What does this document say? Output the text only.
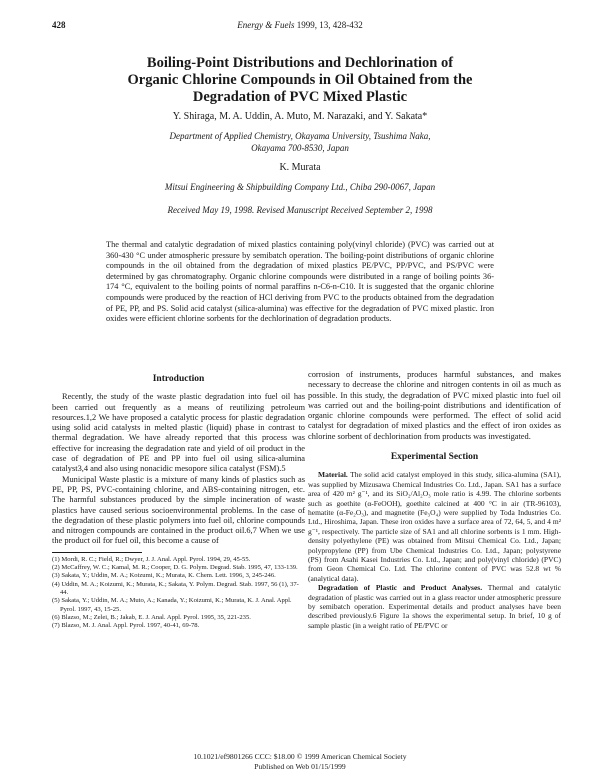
428	Energy & Fuels 1999, 13, 428-432
Boiling-Point Distributions and Dechlorination of
Organic Chlorine Compounds in Oil Obtained from the
Degradation of PVC Mixed Plastic
Y. Shiraga, M. A. Uddin, A. Muto, M. Narazaki, and Y. Sakata*
Department of Applied Chemistry, Okayama University, Tsushima Naka,
Okayama 700-8530, Japan
K. Murata
Mitsui Engineering & Shipbuilding Company Ltd., Chiba 290-0067, Japan
Received May 19, 1998. Revised Manuscript Received September 2, 1998
The thermal and catalytic degradation of mixed plastics containing poly(vinyl chloride) (PVC) was carried out at 360-430 °C under atmospheric pressure by semibatch operation. The boiling-point distributions of organic chlorine compounds in the oil obtained from the degradation of mixed plastics PE/PVC, PP/PVC, and PS/PVC were determined by gas chromatography. Organic chlorine compounds were distributed in a range of boiling points 36-174 °C, equivalent to the boiling points of normal paraffins n-C6-n-C10. It is suggested that the organic chlorine compounds were produced by the reaction of HCl deriving from PVC to the products obtained from the degradation of PE, PP, and PS. Solid acid catalyst (silica-alumina) was effective for the degradation of PVC mixed plastic. Iron oxides were efficient chlorine sorbents for the dechlorination of degradation products.
Introduction

Recently, the study of the waste plastic degradation into fuel oil has been carried out frequently as a means of reutilizing petroleum resources.1,2 We have proposed a catalytic process for plastic degradation using solid acid catalysts in melted plastic (liquid) phase in contrast to thermal degradation. We have already reported that this process was effective for increasing the degradation rate and yield of oil product in the case of degradation of PE and PP into fuel oil using silica-alumina catalyst3,4 and also using nonacidic mesopore silica catalyst (FSM).5

Municipal Waste plastic is a mixture of many kinds of plastics such as PE, PP, PS, PVC-containing chlorine, and ABS-containing nitrogen, etc. The harmful substances produced by the simple incineration of waste plastics have caused serious socioenvironmental problems. In the case of the degradation of these plastic polymers into fuel oil, chlorine compounds and nitrogen compounds are contained in the product oil.6,7 When we use the product oil for fuel oil, this become a cause of

(1) Mordi, R. C.; Field, R.; Dwyer, J. J. Anal. Appl. Pyrol. 1994, 29, 45-55.
(2) McCaffrey, W. C.; Kamal, M. R.; Cooper, D. G. Polym. Degrad. Stab. 1995, 47, 133-139.
(3) Sakata, Y.; Uddin, M. A.; Koizumi, K.; Murata, K. Chem. Lett. 1996, 3, 245-246.
(4) Uddin, M. A.; Koizumi, K.; Murata, K.; Sakata, Y. Polym. Degrad. Stab. 1997, 56 (1), 37-44.
(5) Sakata, Y.; Uddin, M. A.; Muto, A.; Kanada, Y.; Koizumi, K.; Murata, K. J. Anal. Appl. Pyrol. 1997, 43, 15-25.
(6) Blazso, M.; Zelei, B.; Jakab, E. J. Anal. Appl. Pyrol. 1995, 35, 221-235.
(7) Blazso, M. J. Anal. Appl. Pyrol. 1997, 40-41, 69-78.

corrosion of instruments, produces harmful substances, and makes necessary to decrease the chlorine and nitrogen contents in oil as much as possible. In this study, the degradation of PVC mixed plastic into fuel oil was carried out and the boiling-point distributions and identification of organic chlorine compounds were performed. The effect of solid acid catalyst for degradation of mixed plastics and the effect of iron oxides as chlorine sorbent of dechlorination from products was investigated.

Experimental Section

Material. The solid acid catalyst employed in this study, silica-alumina (SA1), was supplied by Mizusawa Chemical Industries Co. Ltd., Japan. SA1 has a surface area of 420 m² g⁻¹, and its SiO₂/Al₂O₃ mole ratio is 4.99. The chlorine sorbents such as goethite (α-FeOOH), goethite calcined at 400 °C in air (TR-96103), hematite (α-Fe₂O₃), and magnetite (Fe₃O₄) were supplied by Toda Industries Co. Ltd., Hiroshima, Japan. These iron oxides have a surface area of 72, 64, 5, and 4 m² g⁻¹, respectively. The particle size of SA1 and all chlorine sorbents is 1 mm. High-density polyethylene (PE) was obtained from Mitsui Chemical Co. Ltd., Japan; polypropylene (PP) from Ube Chemical Industries Co. Ltd., Japan; polystyrene (PS) from Asahi Kasei Industries Co. Ltd., Japan; and poly(vinyl chloride) (PVC) from Geon Chemical Co. Ltd. The chlorine content of PVC was 52.8 wt % (analytical data).

Degradation of Plastic and Product Analyses. Thermal and catalytic degradation of plastic was carried out in a glass reactor under atmospheric pressure by semibatch operation. Experimental details and product analyses have been described previously.6 Figure 1a shows the experimental setup. In brief, 10 g of sample plastic (in a weight ratio of PE/PVC or

10.1021/ef9801266 CCC: $18.00 © 1999 American Chemical Society
Published on Web 01/15/1999
